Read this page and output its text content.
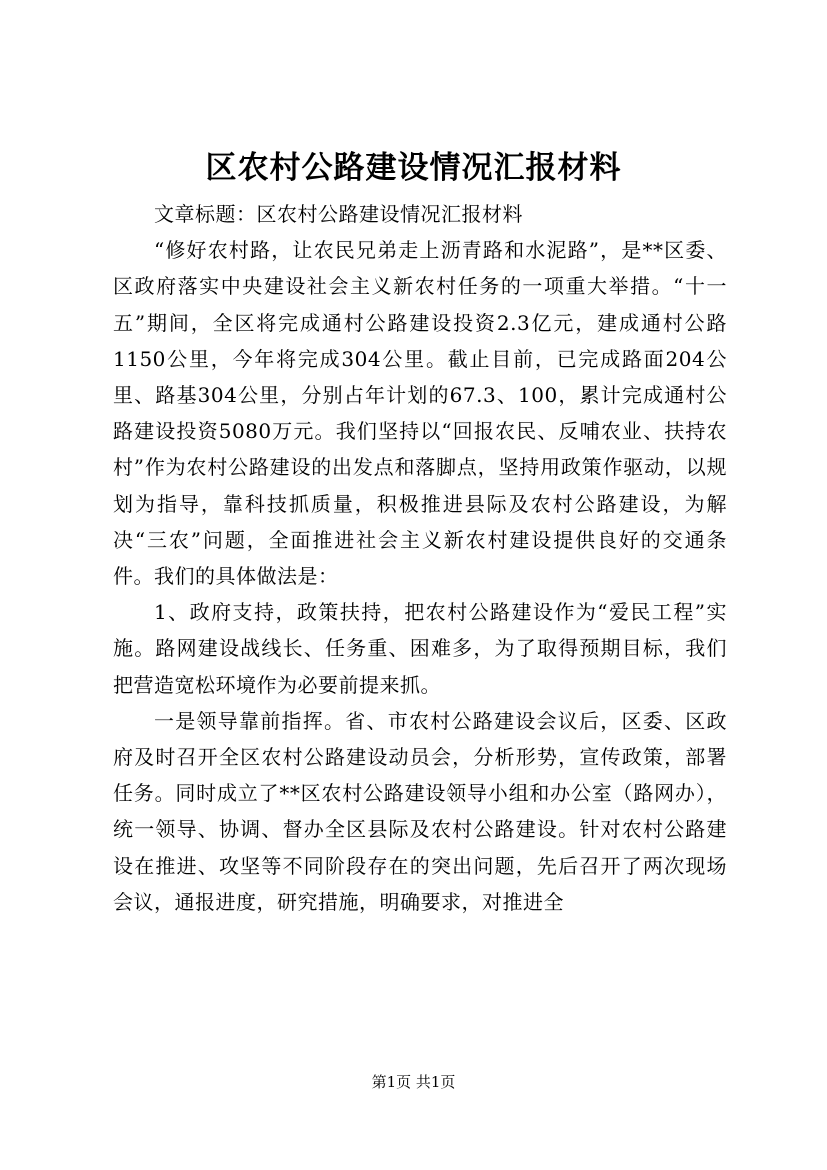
区农村公路建设情况汇报材料

文章标题：区农村公路建设情况汇报材料

“修好农村路，让农民兄弟走上沥青路和水泥路”，是**区委、区政府落实中央建设社会主义新农村任务的一项重大举措。“十一五”期间，全区将完成通村公路建设投资2.3亿元，建成通村公路1150公里，今年将完成304公里。截止目前，已完成路面204公里、路基304公里，分别占年计划的67.3、100，累计完成通村公路建设投资5080万元。我们坚持以“回报农民、反哺农业、扶持农村”作为农村公路建设的出发点和落脚点，坚持用政策作驱动，以规划为指导，靠科技抓质量，积极推进县际及农村公路建设，为解决“三农”问题，全面推进社会主义新农村建设提供良好的交通条件。我们的具体做法是：

1、政府支持，政策扶持，把农村公路建设作为“爱民工程”实施。路网建设战线长、任务重、困难多，为了取得预期目标，我们把营造宽松环境作为必要前提来抓。

一是领导靠前指挥。省、市农村公路建设会议后，区委、区政府及时召开全区农村公路建设动员会，分析形势，宣传政策，部署任务。同时成立了**区农村公路建设领导小组和办公室（路网办），统一领导、协调、督办全区县际及农村公路建设。针对农村公路建设在推进、攻坚等不同阶段存在的突出问题，先后召开了两次现场会议，通报进度，研究措施，明确要求，对推进全

第1页 共1页
